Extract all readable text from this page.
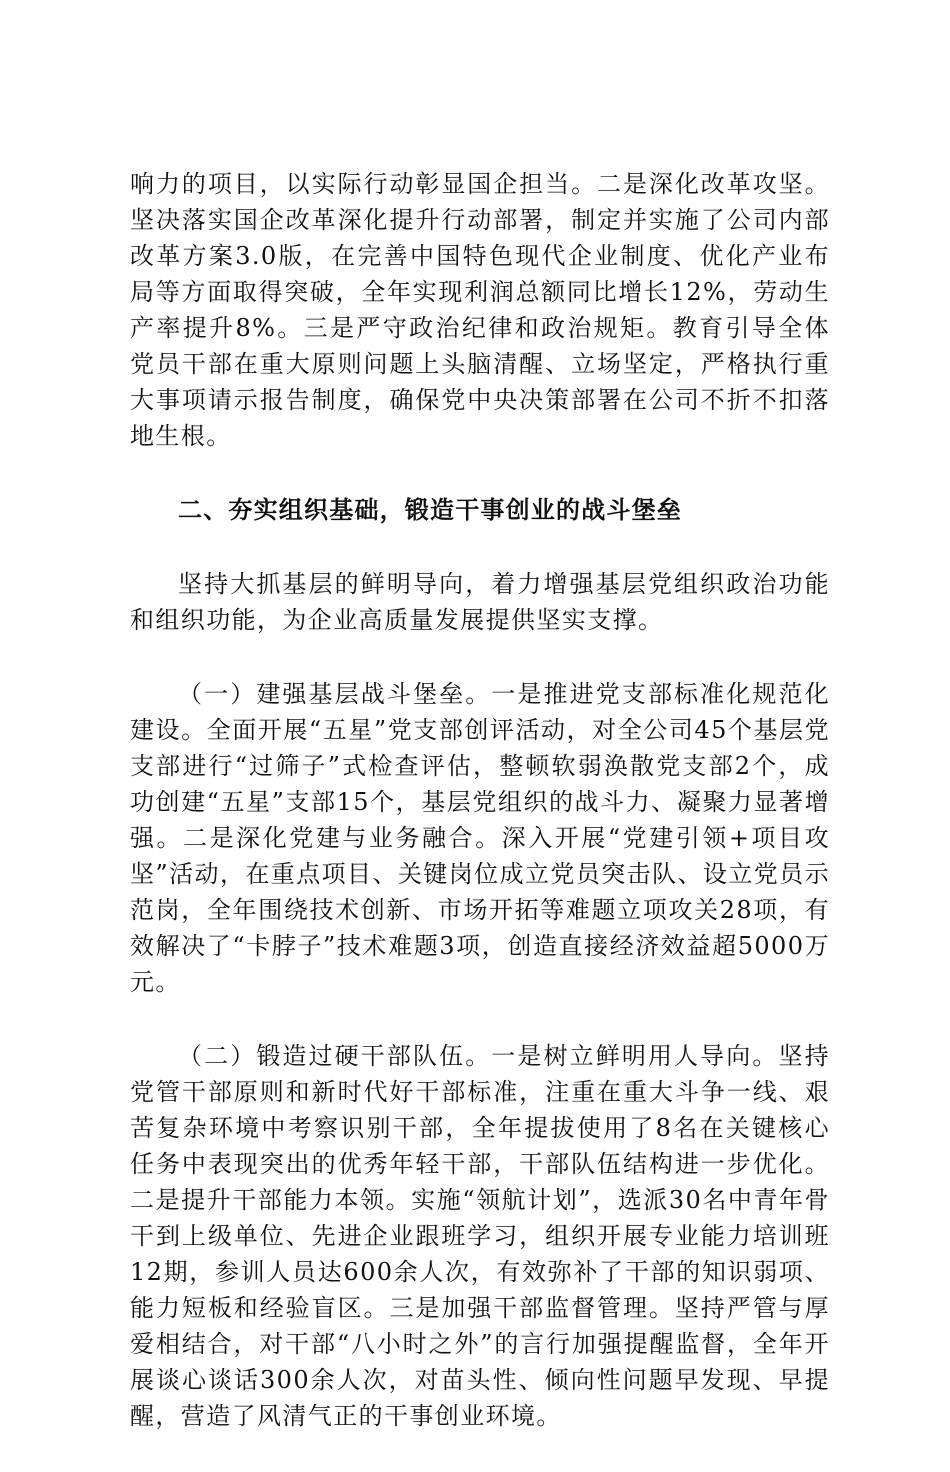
响力的项目，以实际行动彰显国企担当。二是深化改革攻坚。坚决落实国企改革深化提升行动部署，制定并实施了公司内部改革方案3.0版，在完善中国特色现代企业制度、优化产业布局等方面取得突破，全年实现利润总额同比增长12%，劳动生产率提升8%。三是严守政治纪律和政治规矩。教育引导全体党员干部在重大原则问题上头脑清醒、立场坚定，严格执行重大事项请示报告制度，确保党中央决策部署在公司不折不扣落地生根。

二、夯实组织基础，锻造干事创业的战斗堡垒

坚持大抓基层的鲜明导向，着力增强基层党组织政治功能和组织功能，为企业高质量发展提供坚实支撑。

（一）建强基层战斗堡垒。一是推进党支部标准化规范化建设。全面开展“五星”党支部创评活动，对全公司45个基层党支部进行“过筛子”式检查评估，整顿软弱涣散党支部2个，成功创建“五星”支部15个，基层党组织的战斗力、凝聚力显著增强。二是深化党建与业务融合。深入开展“党建引领+项目攻坚”活动，在重点项目、关键岗位成立党员突击队、设立党员示范岗，全年围绕技术创新、市场开拓等难题立项攻关28项，有效解决了“卡脖子”技术难题3项，创造直接经济效益超5000万元。

（二）锻造过硬干部队伍。一是树立鲜明用人导向。坚持党管干部原则和新时代好干部标准，注重在重大斗争一线、艰苦复杂环境中考察识别干部，全年提拔使用了8名在关键核心任务中表现突出的优秀年轻干部，干部队伍结构进一步优化。二是提升干部能力本领。实施“领航计划”，选派30名中青年骨干到上级单位、先进企业跟班学习，组织开展专业能力培训班12期，参训人员达600余人次，有效弥补了干部的知识弱项、能力短板和经验盲区。三是加强干部监督管理。坚持严管与厚爱相结合，对干部“八小时之外”的言行加强提醒监督，全年开展谈心谈话300余人次，对苗头性、倾向性问题早发现、早提醒，营造了风清气正的干事创业环境。
